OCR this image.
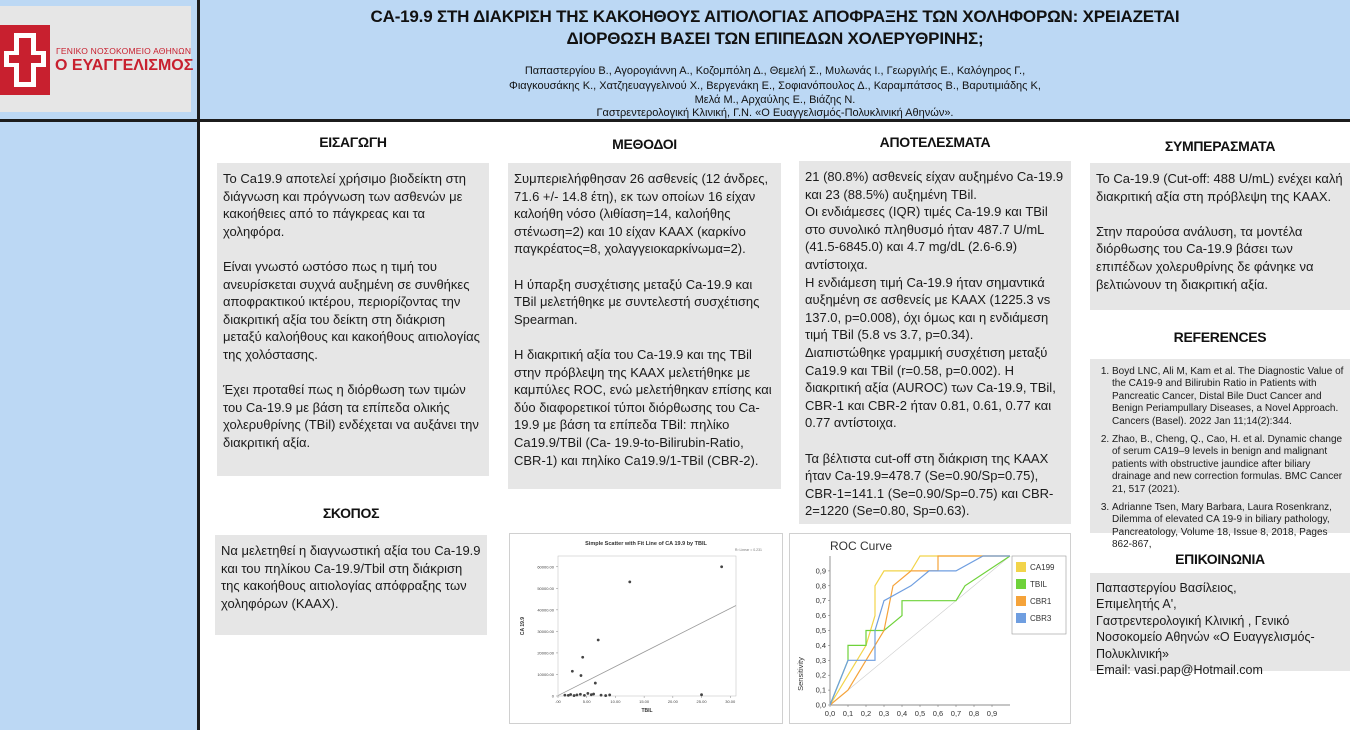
ΓΕΝΙΚΟ ΝΟΣΟΚΟΜΕΙΟ ΑΘΗΝΩΝ
Ο ΕΥΑΓΓΕΛΙΣΜΟΣ
CA-19.9 ΣΤΗ ΔΙΑΚΡΙΣΗ ΤΗΣ ΚΑΚΟΗΘΟΥΣ ΑΙΤΙΟΛΟΓΙΑΣ ΑΠΟΦΡΑΞΗΣ ΤΩΝ ΧΟΛΗΦΟΡΩΝ: ΧΡΕΙΑΖΕΤΑΙ
ΔΙΟΡΘΩΣΗ ΒΑΣΕΙ ΤΩΝ ΕΠΙΠΕΔΩΝ ΧΟΛΕΡΥΘΡΙΝΗΣ;
Παπαστεργίου Β., Αγορογιάννη Α., Κοζομπόλη Δ., Θεμελή Σ., Μυλωνάς Ι., Γεωργιλής Ε., Καλόγηρος Γ.,
Φιαγκουσάκης Κ., Χατζηευαγγελινού Χ., Βεργενάκη Ε., Σοφιανόπουλος Δ., Καραμπάτσος Β., Βαρυτιμιάδης Κ,
Μελά Μ., Αρχαύλης Ε., Βιάζης Ν.
Γαστρεντερολογική Κλινική, Γ.Ν. «Ο Ευαγγελισμός-Πολυκλινική Αθηνών».
ΕΙΣΑΓΩΓΗ

Το Ca19.9 αποτελεί χρήσιμο βιοδείκτη στη διάγνωση και πρόγνωση των ασθενών με κακοήθειες από το πάγκρεας και τα χοληφόρα.

Είναι γνωστό ωστόσο πως η τιμή του ανευρίσκεται συχνά αυξημένη σε συνθήκες αποφρακτικού ικτέρου, περιορίζοντας την διακριτική αξία του δείκτη στη διάκριση μεταξύ καλοήθους και κακοήθους αιτιολογίας της χολόστασης.

Έχει προταθεί πως η διόρθωση των τιμών του Ca-19.9 με βάση τα επίπεδα ολικής χολερυθρίνης (TBil) ενδέχεται να αυξάνει την διακριτική αξία.

ΣΚΟΠΟΣ

Να μελετηθεί η διαγνωστική αξία του Ca-19.9 και του πηλίκου Ca-19.9/Tbil στη διάκριση της κακοήθους αιτιολογίας απόφραξης των χοληφόρων (ΚΑΑΧ).

ΜΕΘΟΔΟΙ

Συμπεριελήφθησαν 26 ασθενείς (12 άνδρες, 71.6 +/- 14.8 έτη), εκ των οποίων 16 είχαν καλοήθη νόσο (λιθίαση=14, καλοήθης στένωση=2) και 10 είχαν ΚΑΑΧ (καρκίνο παγκρέατος=8, χολαγγειοκαρκίνωμα=2).

Η ύπαρξη συσχέτισης μεταξύ Ca-19.9 και TBil μελετήθηκε με συντελεστή συσχέτισης Spearman.

Η διακριτική αξία του Ca-19.9 και της TBil στην πρόβλεψη της ΚΑΑΧ μελετήθηκε με καμπύλες ROC, ενώ μελετήθηκαν επίσης και δύο διαφορετικοί τύποι διόρθωσης του Ca-19.9 με βάση τα επίπεδα TBil: πηλίκο Ca19.9/TBil (Ca- 19.9-to-Bilirubin-Ratio, CBR-1) και πηλίκο Ca19.9/1-TBil (CBR-2).

ΑΠΟΤΕΛΕΣΜΑΤΑ

21 (80.8%) ασθενείς είχαν αυξημένο Ca-19.9 και 23 (88.5%) αυξημένη TBil.

Οι ενδιάμεσες (IQR) τιμές Ca-19.9 και TBil στο συνολικό πληθυσμό ήταν 487.7 U/mL (41.5-6845.0) και 4.7 mg/dL (2.6-6.9) αντίστοιχα.

Η ενδιάμεση τιμή Ca-19.9 ήταν σημαντικά αυξημένη σε ασθενείς με ΚΑΑΧ (1225.3 vs 137.0, p=0.008), όχι όμως και η ενδιάμεση τιμή TBil (5.8 vs 3.7, p=0.34).

Διαπιστώθηκε γραμμική συσχέτιση μεταξύ Ca19.9 και TBil (r=0.58, p=0.002). Η διακριτική αξία (AUROC) των Ca-19.9, TBil, CBR-1 και CBR-2 ήταν 0.81, 0.61, 0.77 και 0.77 αντίστοιχα.

Τα βέλτιστα cut-off στη διάκριση της ΚΑΑΧ ήταν Ca-19.9=478.7 (Se=0.90/Sp=0.75), CBR-1=141.1 (Se=0.90/Sp=0.75) και CBR-2=1220 (Se=0.80, Sp=0.63).

ΣΥΜΠΕΡΑΣΜΑΤΑ

Το Ca-19.9 (Cut-off: 488 U/mL) ενέχει καλή διακριτική αξία στη πρόβλεψη της ΚΑΑΧ.

Στην παρούσα ανάλυση, τα μοντέλα διόρθωσης του Ca-19.9 βάσει των επιπέδων χολερυθρίνης δε φάνηκε να βελτιώνουν τη διακριτική αξία.

REFERENCES
1. Boyd LNC, Ali M, Kam et al. The Diagnostic Value of the CA19-9 and Bilirubin Ratio in Patients with Pancreatic Cancer, Distal Bile Duct Cancer and Benign Periampullary Diseases, a Novel Approach. Cancers (Basel). 2022 Jan 11;14(2):344.
2. Zhao, B., Cheng, Q., Cao, H. et al. Dynamic change of serum CA19–9 levels in benign and malignant patients with obstructive jaundice after biliary drainage and new correction formulas. BMC Cancer 21, 517 (2021).
3. Adrianne Tsen, Mary Barbara, Laura Rosenkranz, Dilemma of elevated CA 19-9 in biliary pathology, Pancreatology, Volume 18, Issue 8, 2018, Pages 862-867,
ΕΠΙΚΟΙΝΩΝΙΑ

Παπαστεργίου Βασίλειος,

Επιμελητής Α',

Γαστρεντερολογική Κλινική , Γενικό Νοσοκομείο Αθηνών «Ο Ευαγγελισμός-Πολυκλινική»

Email: vasi.pap@Hotmail.com

Simple Scatter with Fit Line of CA 19.9 by TBIL
R² Linear = 0.231
0
10000.00
20000.00
30000.00
40000.00
50000.00
60000.00
.00	5.00	10.00	15.00	20.00	25.00	30.00
TBIL
CA 19.9
ROC Curve
0,0
0,1
0,2
0,3
0,4
0,5
0,6
0,7
0,8
0,9
0,0 0,1 0,2 0,3 0,4 0,5 0,6 0,7 0,8 0,9
Sensitivity
CA199
TBIL
CBR1
CBR3
